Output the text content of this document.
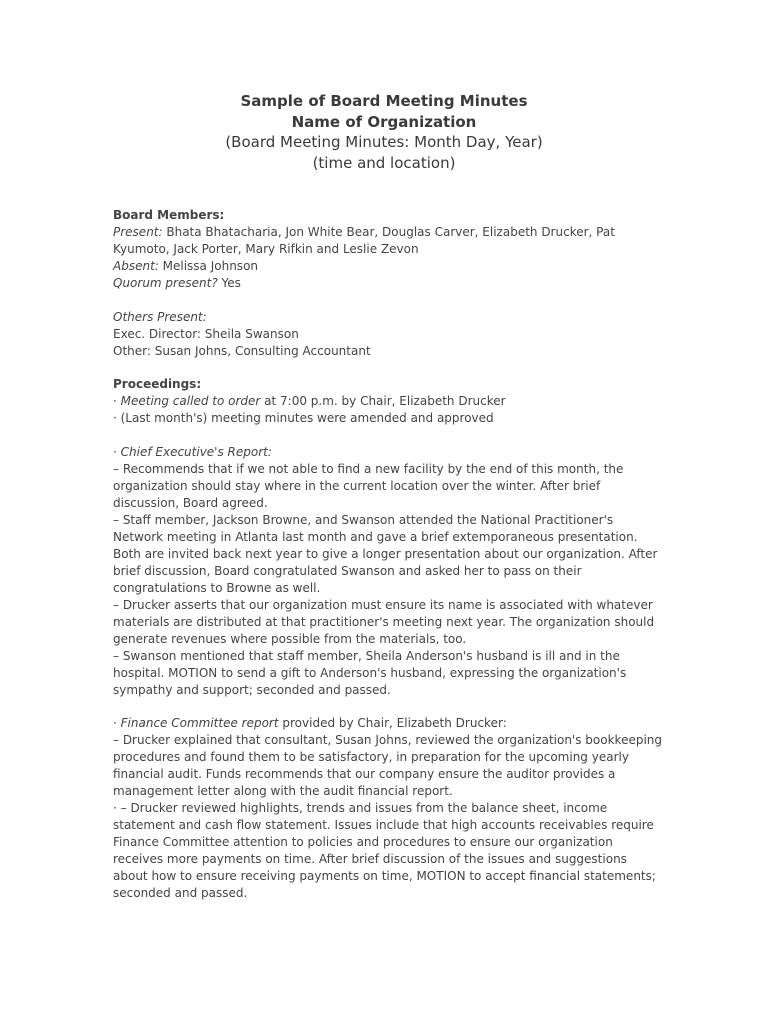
Sample of Board Meeting Minutes
Name of Organization
(Board Meeting Minutes: Month Day, Year)
(time and location)

Board Members:

Present: Bhata Bhatacharia, Jon White Bear, Douglas Carver, Elizabeth Drucker, Pat Kyumoto, Jack Porter, Mary Rifkin and Leslie Zevon

Absent: Melissa Johnson

Quorum present? Yes

Others Present:

Exec. Director: Sheila Swanson

Other: Susan Johns, Consulting Accountant

Proceedings:

· Meeting called to order at 7:00 p.m. by Chair, Elizabeth Drucker

· (Last month's) meeting minutes were amended and approved

· Chief Executive's Report:

– Recommends that if we not able to find a new facility by the end of this month, the organization should stay where in the current location over the winter. After brief discussion, Board agreed.

– Staff member, Jackson Browne, and Swanson attended the National Practitioner's Network meeting in Atlanta last month and gave a brief extemporaneous presentation. Both are invited back next year to give a longer presentation about our organization. After brief discussion, Board congratulated Swanson and asked her to pass on their congratulations to Browne as well.

– Drucker asserts that our organization must ensure its name is associated with whatever materials are distributed at that practitioner's meeting next year. The organization should generate revenues where possible from the materials, too.

– Swanson mentioned that staff member, Sheila Anderson's husband is ill and in the hospital. MOTION to send a gift to Anderson's husband, expressing the organization's sympathy and support; seconded and passed.

· Finance Committee report provided by Chair, Elizabeth Drucker:

– Drucker explained that consultant, Susan Johns, reviewed the organization's bookkeeping procedures and found them to be satisfactory, in preparation for the upcoming yearly financial audit. Funds recommends that our company ensure the auditor provides a management letter along with the audit financial report.

· – Drucker reviewed highlights, trends and issues from the balance sheet, income statement and cash flow statement. Issues include that high accounts receivables require Finance Committee attention to policies and procedures to ensure our organization receives more payments on time. After brief discussion of the issues and suggestions about how to ensure receiving payments on time, MOTION to accept financial statements; seconded and passed.
